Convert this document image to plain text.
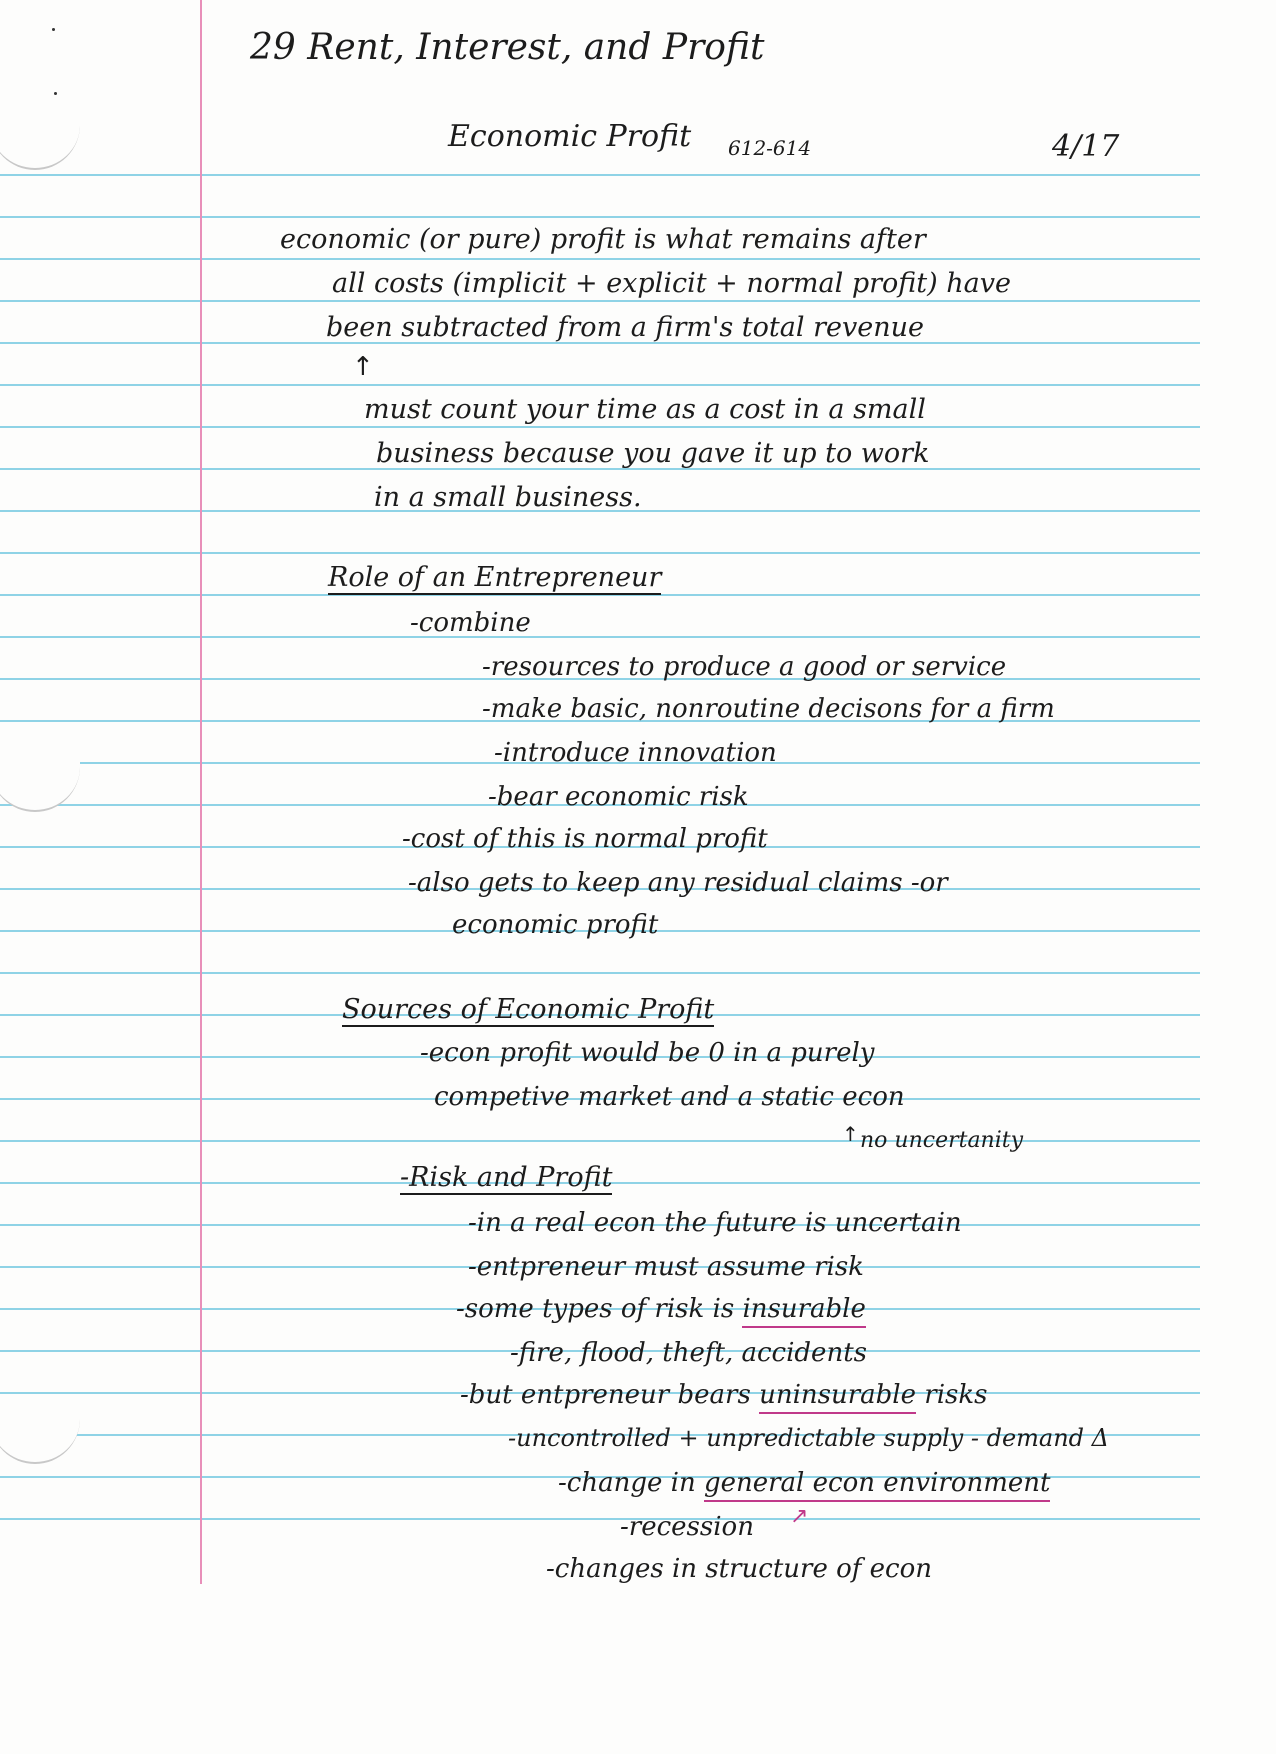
29 Rent, Interest, and Profit
Economic Profit 612-614	4/17
economic (or pure) profit is what remains after
all costs (implicit + explicit + normal profit) have
been subtracted from a firm's total revenue
↑
must count your time as a cost in a small
business because you gave it up to work
in a small business.
Role of an Entrepreneur
-combine
-resources to produce a good or service
-make basic, nonroutine decisons for a firm
-introduce innovation
-bear economic risk
-cost of this is normal profit
-also gets to keep any residual claims -or
economic profit
Sources of Economic Profit
-econ profit would be 0 in a purely
competive market and a static econ
↑ no uncertanity
-Risk and Profit
-in a real econ the future is uncertain
-entpreneur must assume risk
-some types of risk is insurable
-fire, flood, theft, accidents
-but entpreneur bears uninsurable risks
-uncontrolled + unpredictable supply - demand Δ
-change in general econ environment
-recession ↗
-changes in structure of econ
